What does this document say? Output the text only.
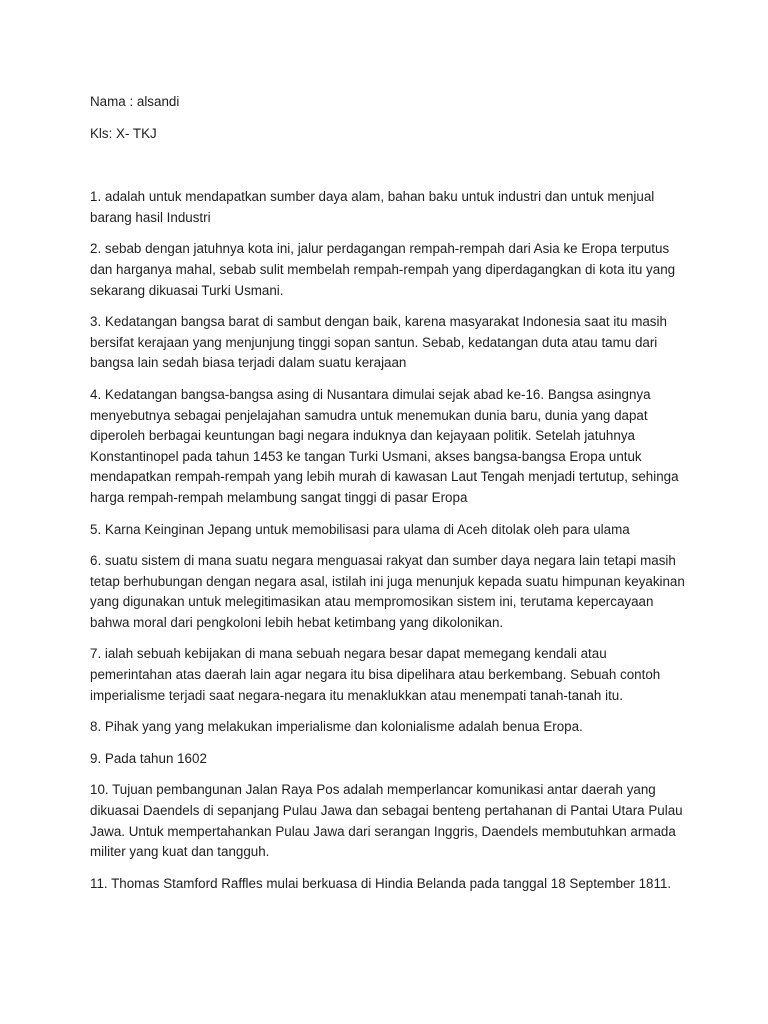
Nama : alsandi

Kls: X- TKJ

1. adalah untuk mendapatkan sumber daya alam, bahan baku untuk industri dan untuk menjual barang hasil Industri

2. sebab dengan jatuhnya kota ini, jalur perdagangan rempah-rempah dari Asia ke Eropa terputus dan harganya mahal, sebab sulit membelah rempah-rempah yang diperdagangkan di kota itu yang sekarang dikuasai Turki Usmani.

3. Kedatangan bangsa barat di sambut dengan baik, karena masyarakat Indonesia saat itu masih bersifat kerajaan yang menjunjung tinggi sopan santun. Sebab, kedatangan duta atau tamu dari bangsa lain sedah biasa terjadi dalam suatu kerajaan

4. Kedatangan bangsa-bangsa asing di Nusantara dimulai sejak abad ke-16. Bangsa asingnya menyebutnya sebagai penjelajahan samudra untuk menemukan dunia baru, dunia yang dapat diperoleh berbagai keuntungan bagi negara induknya dan kejayaan politik. Setelah jatuhnya Konstantinopel pada tahun 1453 ke tangan Turki Usmani, akses bangsa-bangsa Eropa untuk mendapatkan rempah-rempah yang lebih murah di kawasan Laut Tengah menjadi tertutup, sehinga harga rempah-rempah melambung sangat tinggi di pasar Eropa

5. Karna Keinginan Jepang untuk memobilisasi para ulama di Aceh ditolak oleh para ulama

6. suatu sistem di mana suatu negara menguasai rakyat dan sumber daya negara lain tetapi masih tetap berhubungan dengan negara asal, istilah ini juga menunjuk kepada suatu himpunan keyakinan yang digunakan untuk melegitimasikan atau mempromosikan sistem ini, terutama kepercayaan bahwa moral dari pengkoloni lebih hebat ketimbang yang dikolonikan.

7. ialah sebuah kebijakan di mana sebuah negara besar dapat memegang kendali atau pemerintahan atas daerah lain agar negara itu bisa dipelihara atau berkembang. Sebuah contoh imperialisme terjadi saat negara-negara itu menaklukkan atau menempati tanah-tanah itu.

8. Pihak yang yang melakukan imperialisme dan kolonialisme adalah benua Eropa.

9. Pada tahun 1602

10. Tujuan pembangunan Jalan Raya Pos adalah memperlancar komunikasi antar daerah yang dikuasai Daendels di sepanjang Pulau Jawa dan sebagai benteng pertahanan di Pantai Utara Pulau Jawa. Untuk mempertahankan Pulau Jawa dari serangan Inggris, Daendels membutuhkan armada militer yang kuat dan tangguh.

11. Thomas Stamford Raffles mulai berkuasa di Hindia Belanda pada tanggal 18 September 1811.
